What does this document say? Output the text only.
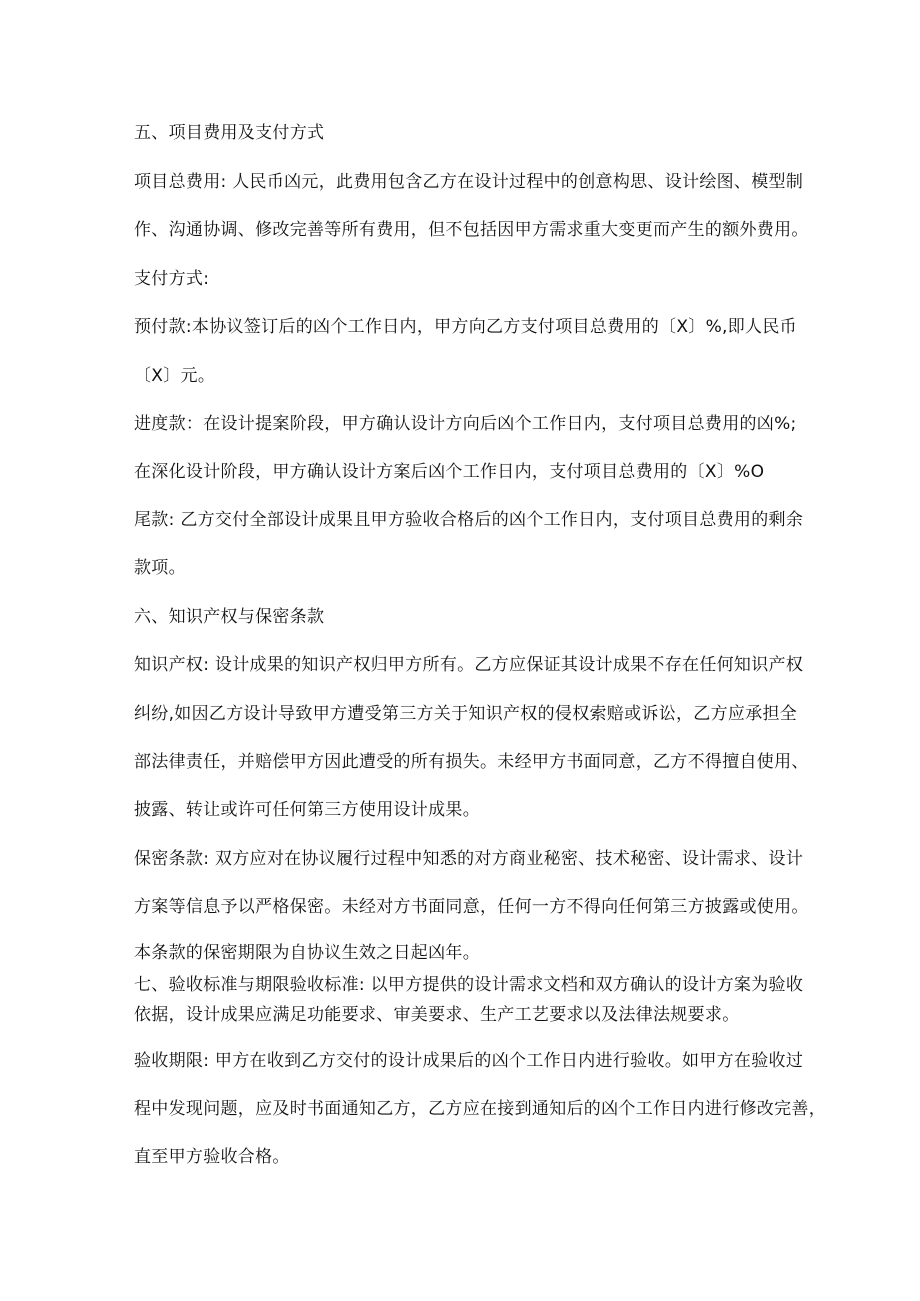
五、项目费用及支付方式

项目总费用: 人民币凶元，此费用包含乙方在设计过程中的创意构思、设计绘图、模型制

作、沟通协调、修改完善等所有费用，但不包括因甲方需求重大变更而产生的额外费用。

支付方式:

预付款:本协议签订后的凶个工作日内，甲方向乙方支付项目总费用的〔X〕%,即人民币

〔X〕元。

进度款：在设计提案阶段，甲方确认设计方向后凶个工作日内，支付项目总费用的凶%;

在深化设计阶段，甲方确认设计方案后凶个工作日内，支付项目总费用的〔X〕%O

尾款: 乙方交付全部设计成果且甲方验收合格后的凶个工作日内，支付项目总费用的剩余

款项。

六、知识产权与保密条款

知识产权: 设计成果的知识产权归甲方所有。乙方应保证其设计成果不存在任何知识产权

纠纷,如因乙方设计导致甲方遭受第三方关于知识产权的侵权索赔或诉讼，乙方应承担全

部法律责任，并赔偿甲方因此遭受的所有损失。未经甲方书面同意，乙方不得擅自使用、

披露、转让或许可任何第三方使用设计成果。

保密条款: 双方应对在协议履行过程中知悉的对方商业秘密、技术秘密、设计需求、设计

方案等信息予以严格保密。未经对方书面同意，任何一方不得向任何第三方披露或使用。

本条款的保密期限为自协议生效之日起凶年。

七、验收标准与期限验收标准: 以甲方提供的设计需求文档和双方确认的设计方案为验收

依据，设计成果应满足功能要求、审美要求、生产工艺要求以及法律法规要求。

验收期限: 甲方在收到乙方交付的设计成果后的凶个工作日内进行验收。如甲方在验收过

程中发现问题，应及时书面通知乙方，乙方应在接到通知后的凶个工作日内进行修改完善，

直至甲方验收合格。
